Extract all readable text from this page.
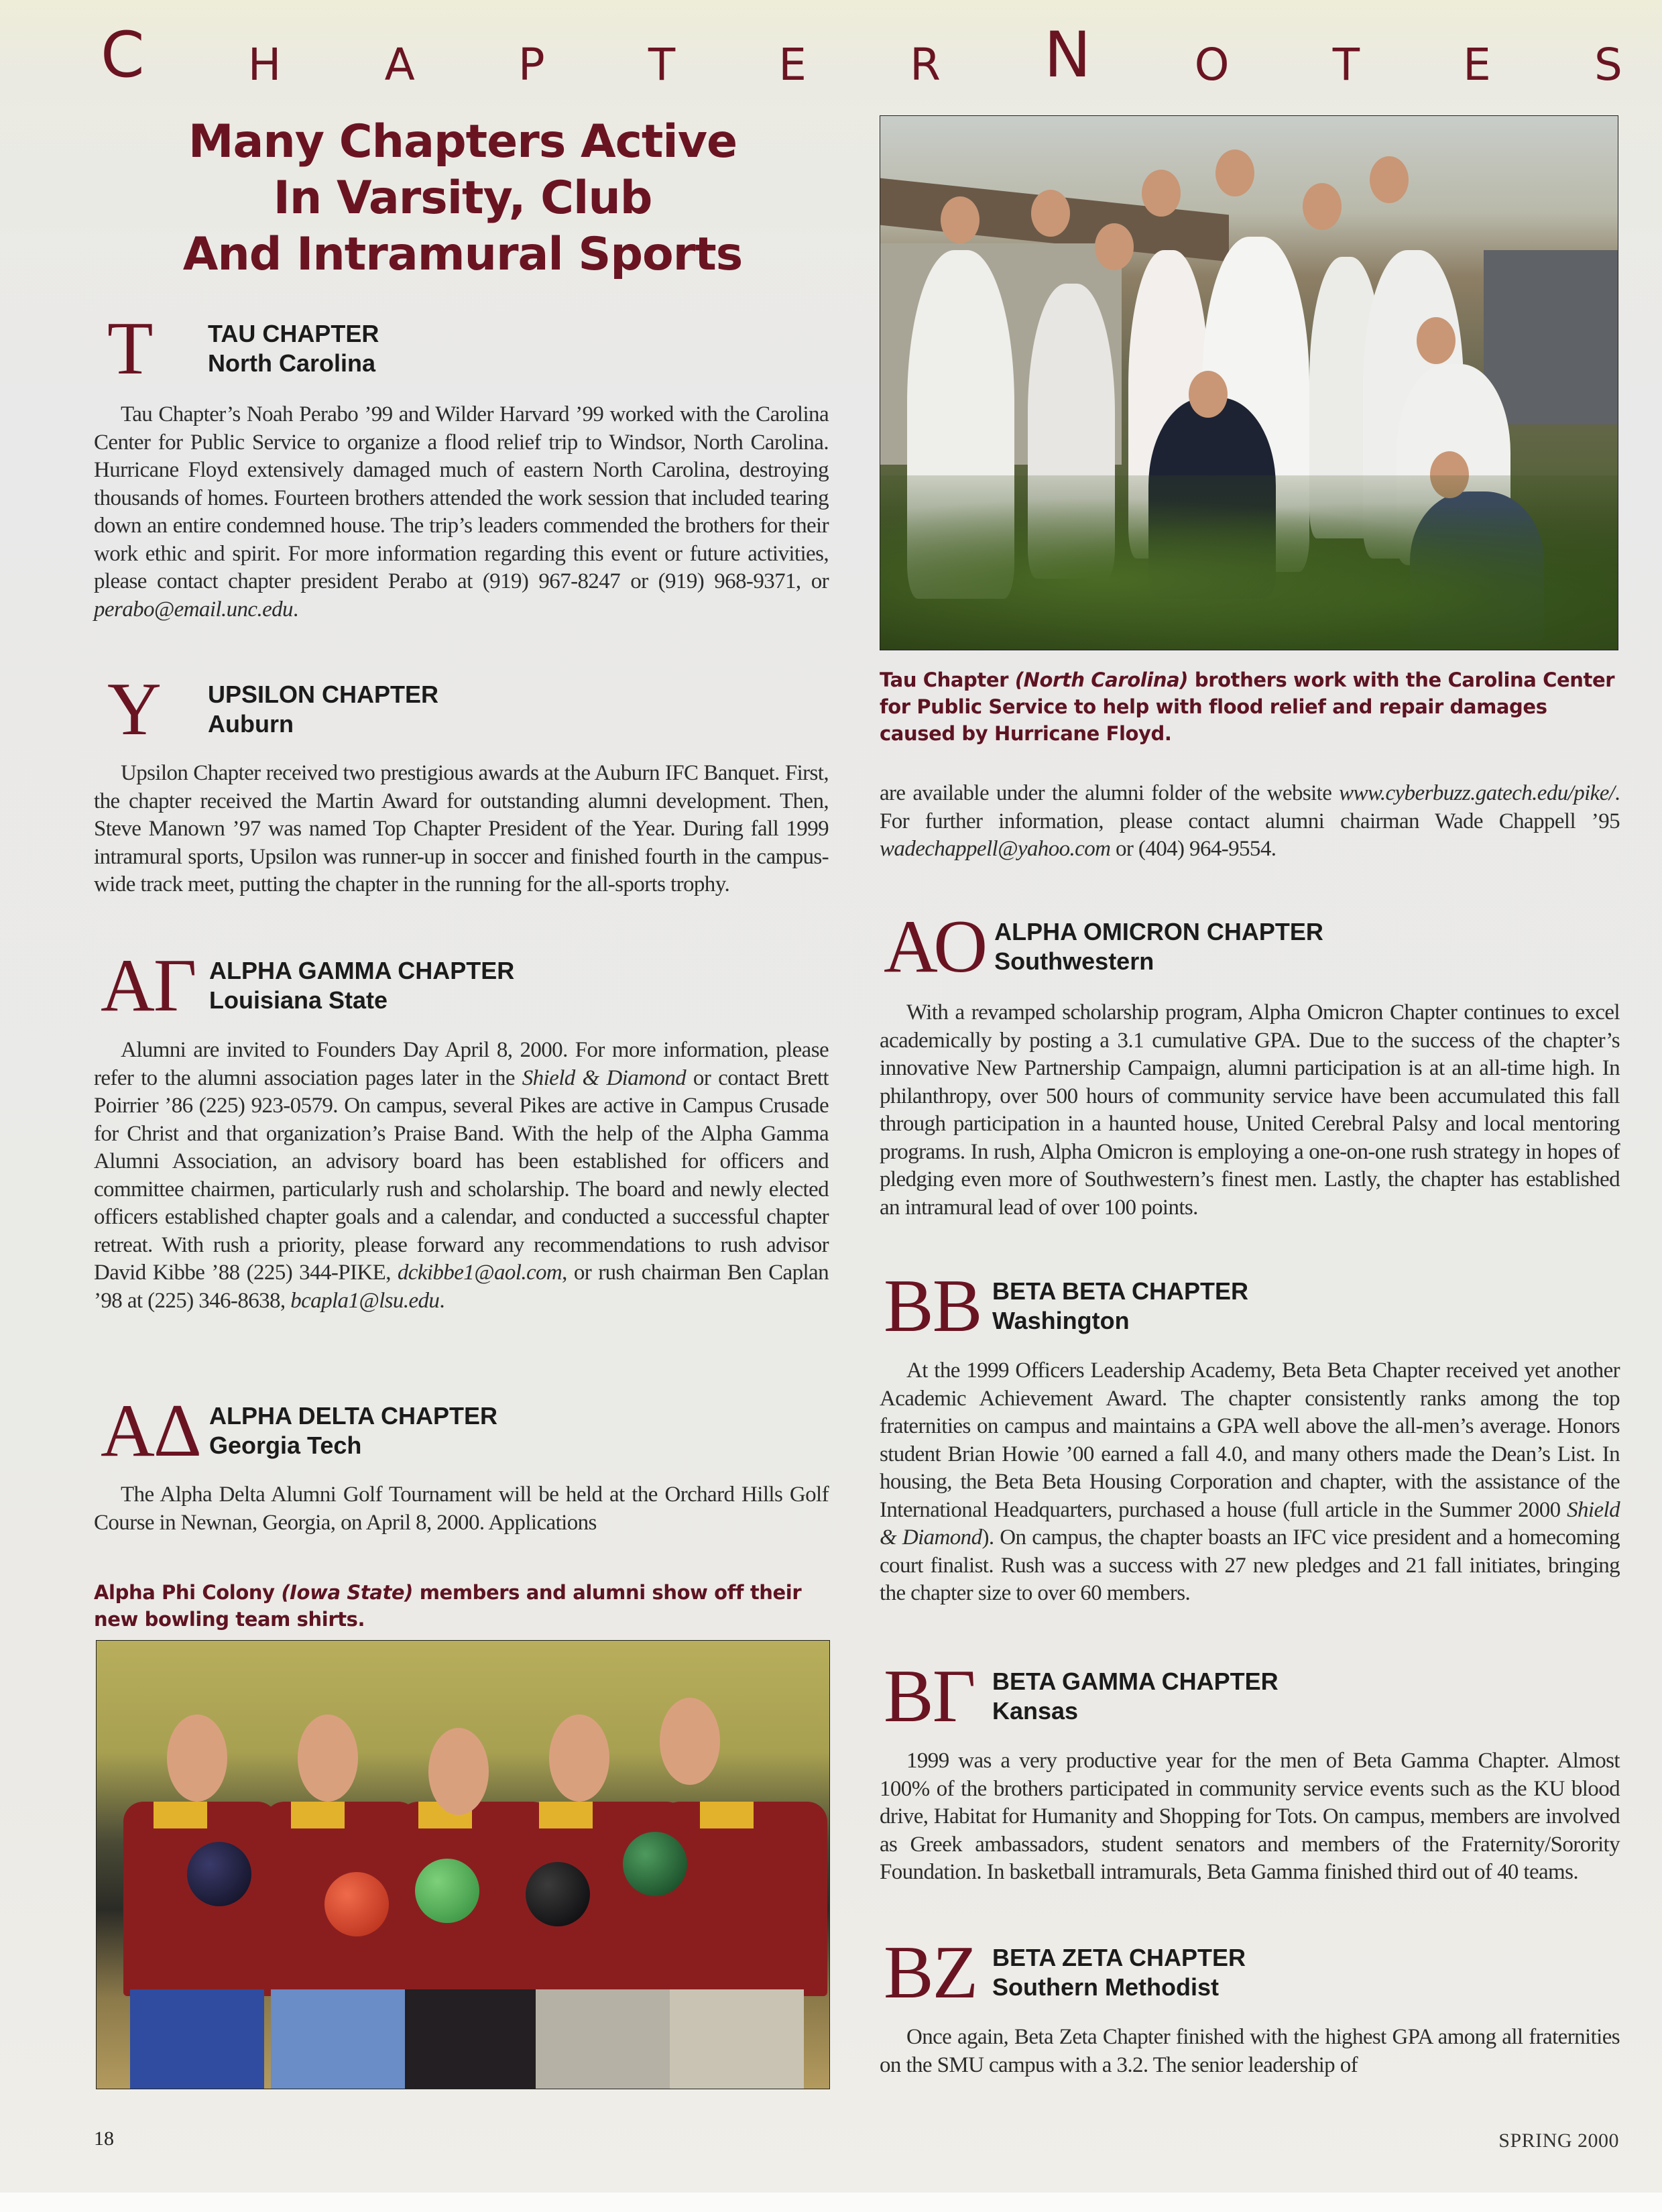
C H A P T E R N O T E S
Many Chapters Active
In Varsity, Club
And Intramural Sports
T	TAU CHAPTER
North Carolina

Tau Chapter’s Noah Perabo ’99 and Wilder Harvard ’99 worked with the Carolina Center for Public Service to organize a flood relief trip to Windsor, North Carolina. Hurricane Floyd extensively damaged much of eastern North Carolina, destroying thousands of homes. Fourteen brothers attended the work session that included tearing down an entire condemned house. The trip’s leaders commended the brothers for their work ethic and spirit. For more information regarding this event or future activities, please contact chapter president Perabo at (919) 967-8247 or (919) 968-9371, or perabo@email.unc.edu.

Y	UPSILON CHAPTER
Auburn

Upsilon Chapter received two prestigious awards at the Auburn IFC Banquet. First, the chapter received the Martin Award for outstanding alumni development. Then, Steve Manown ’97 was named Top Chapter President of the Year. During fall 1999 intramural sports, Upsilon was runner-up in soccer and finished fourth in the campus-wide track meet, putting the chapter in the running for the all-sports trophy.

ΑΓ ALPHA GAMMA CHAPTER
Louisiana State

Alumni are invited to Founders Day April 8, 2000. For more information, please refer to the alumni association pages later in the Shield & Diamond or contact Brett Poirrier ’86 (225) 923-0579. On campus, several Pikes are active in Campus Crusade for Christ and that organization’s Praise Band. With the help of the Alpha Gamma Alumni Association, an advisory board has been established for officers and committee chairmen, particularly rush and scholarship. The board and newly elected officers established chapter goals and a calendar, and conducted a successful chapter retreat. With rush a priority, please forward any recommendations to rush advisor David Kibbe ’88 (225) 344-PIKE, dckibbe1@aol.com, or rush chairman Ben Caplan ’98 at (225) 346-8638, bcapla1@lsu.edu.

ΑΔ ALPHA DELTA CHAPTER
Georgia Tech

The Alpha Delta Alumni Golf Tournament will be held at the Orchard Hills Golf Course in Newnan, Georgia, on April 8, 2000. Applications

Alpha Phi Colony (Iowa State) members and alumni show off their new bowling team shirts.

Tau Chapter (North Carolina) brothers work with the Carolina Center for Public Service to help with flood relief and repair damages caused by Hurricane Floyd.

are available under the alumni folder of the website www.cyberbuzz.gatech.edu/pike/. For further information, please contact alumni chairman Wade Chappell ’95 wadechappell@yahoo.com or (404) 964-9554.

ΑΟ ALPHA OMICRON CHAPTER
Southwestern

With a revamped scholarship program, Alpha Omicron Chapter continues to excel academically by posting a 3.1 cumulative GPA. Due to the success of the chapter’s innovative New Partnership Campaign, alumni participation is at an all-time high. In philanthropy, over 500 hours of community service have been accumulated this fall through participation in a haunted house, United Cerebral Palsy and local mentoring programs. In rush, Alpha Omicron is employing a one-on-one rush strategy in hopes of pledging even more of Southwestern’s finest men. Lastly, the chapter has established an intramural lead of over 100 points.

ΒΒ BETA BETA CHAPTER
Washington

At the 1999 Officers Leadership Academy, Beta Beta Chapter received yet another Academic Achievement Award. The chapter consistently ranks among the top fraternities on campus and maintains a GPA well above the all-men’s average. Honors student Brian Howie ’00 earned a fall 4.0, and many others made the Dean’s List. In housing, the Beta Beta Housing Corporation and chapter, with the assistance of the International Headquarters, purchased a house (full article in the Summer 2000 Shield & Diamond). On campus, the chapter boasts an IFC vice president and a homecoming court finalist. Rush was a success with 27 new pledges and 21 fall initiates, bringing the chapter size to over 60 members.

ΒΓ BETA GAMMA CHAPTER
Kansas

1999 was a very productive year for the men of Beta Gamma Chapter. Almost 100% of the brothers participated in community service events such as the KU blood drive, Habitat for Humanity and Shopping for Tots. On campus, members are involved as Greek ambassadors, student senators and members of the Fraternity/Sorority Foundation. In basketball intramurals, Beta Gamma finished third out of 40 teams.

ΒΖ BETA ZETA CHAPTER
Southern Methodist

Once again, Beta Zeta Chapter finished with the highest GPA among all fraternities on the SMU campus with a 3.2. The senior leadership of

18	SPRING 2000
